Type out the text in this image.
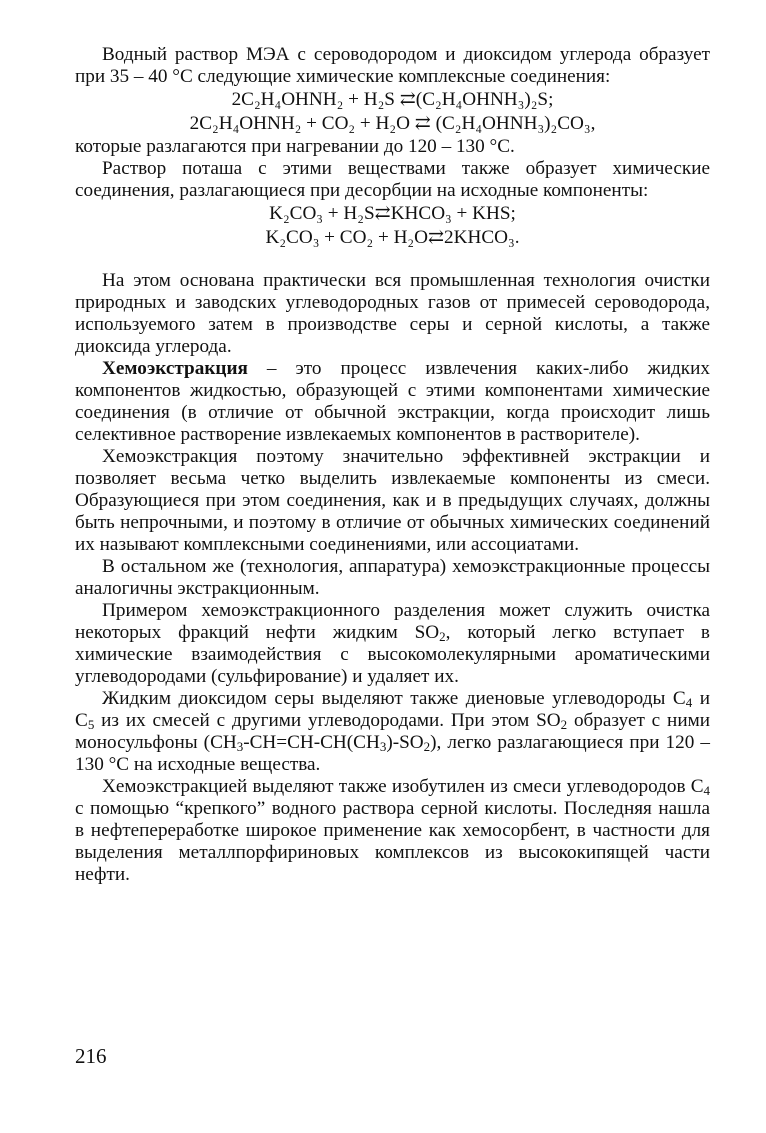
Водный раствор МЭА с сероводородом и диоксидом углерода образует при 35 – 40 °С следующие химические комплексные соединения:

2C₂H₄OHNH₂ + H₂S ⇄(C₂H₄OHNH₃)₂S;

2C₂H₄OHNH₂ + CO₂ + H₂O ⇄ (C₂H₄OHNH₃)₂CO₃,

которые разлагаются при нагревании до 120 – 130 °С.

Раствор поташа с этими веществами также образует химические соединения, разлагающиеся при десорбции на исходные компоненты:

K₂CO₃ + H₂S⇄KHCO₃ + KHS;

K₂CO₃ + CO₂ + H₂O⇄2KHCO₃.

На этом основана практически вся промышленная технология очистки природных и заводских углеводородных газов от примесей сероводорода, используемого затем в производстве серы и серной кислоты, а также диоксида углерода.

Хемоэкстракция – это процесс извлечения каких-либо жидких компонентов жидкостью, образующей с этими компонентами химические соединения (в отличие от обычной экстракции, когда происходит лишь селективное растворение извлекаемых компонентов в растворителе).

Хемоэкстракция поэтому значительно эффективней экстракции и позволяет весьма четко выделить извлекаемые компоненты из смеси. Образующиеся при этом соединения, как и в предыдущих случаях, должны быть непрочными, и поэтому в отличие от обычных химических соединений их называют комплексными соединениями, или ассоциатами.

В остальном же (технология, аппаратура) хемоэкстракционные процессы аналогичны экстракционным.

Примером хемоэкстракционного разделения может служить очистка некоторых фракций нефти жидким $SO_2$, который легко вступает в химические взаимодействия с высокомолекулярными ароматическими углеводородами (сульфирование) и удаляет их.

Жидким диоксидом серы выделяют также диеновые углеводороды $С_4$ и $С_5$ из их смесей с другими углеводородами. При этом $SO_2$ образует с ними моносульфоны $(CH_3-CH=CH-CH(CH_3)-SO_2)$, легко разлагающиеся при 120 – 130 °С на исходные вещества.

Хемоэкстракцией выделяют также изобутилен из смеси углеводородов $С_4$ с помощью “крепкого” водного раствора серной кислоты. Последняя нашла в нефтепереработке широкое применение как хемосорбент, в частности для выделения металлпорфириновых комплексов из высококипящей части нефти.

216
